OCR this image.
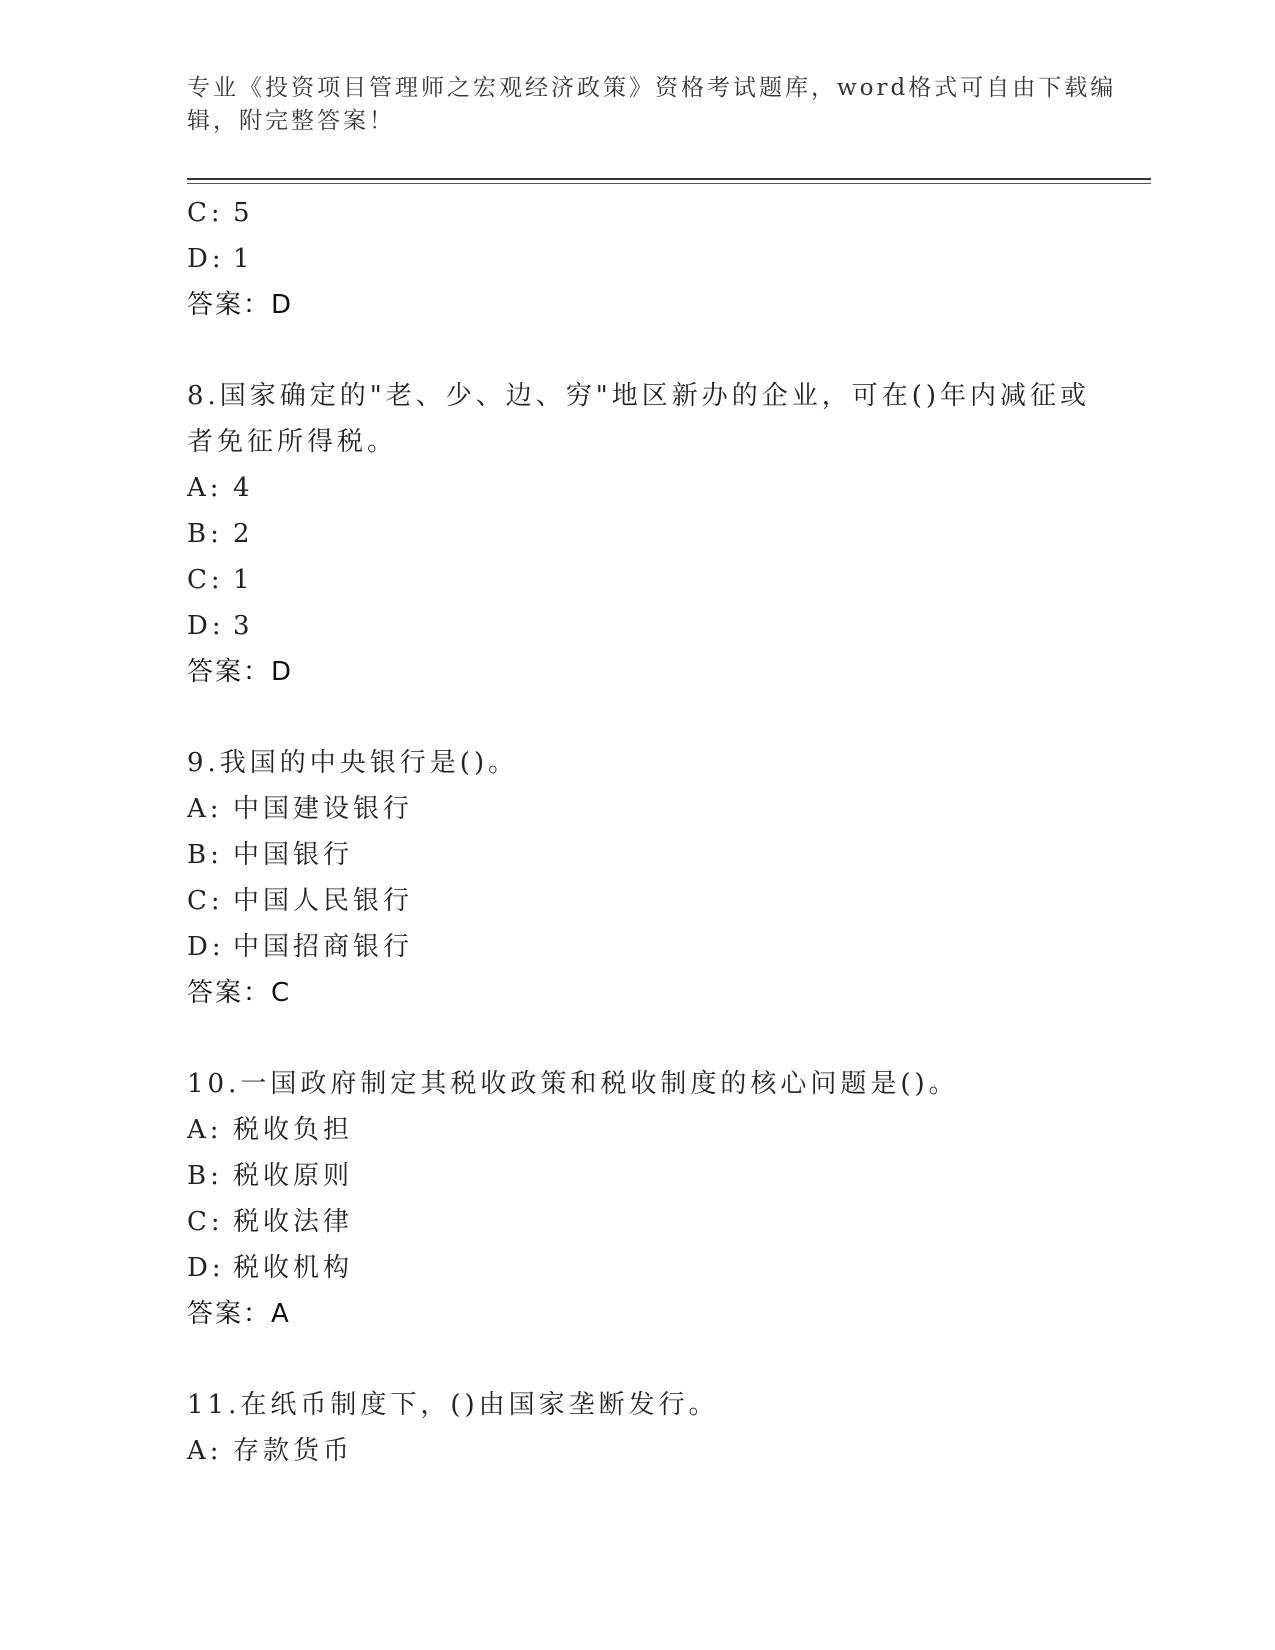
专业《投资项目管理师之宏观经济政策》资格考试题库，word格式可自由下载编
辑，附完整答案！
C: 5
D: 1
答案：D
8.国家确定的"老、少、边、穷"地区新办的企业，可在()年内减征或
者免征所得税。
A: 4
B: 2
C: 1
D: 3
答案：D
9.我国的中央银行是()。
A: 中国建设银行
B: 中国银行
C: 中国人民银行
D: 中国招商银行
答案：C
10.一国政府制定其税收政策和税收制度的核心问题是()。
A: 税收负担
B: 税收原则
C: 税收法律
D: 税收机构
答案：A
11.在纸币制度下，()由国家垄断发行。
A: 存款货币
